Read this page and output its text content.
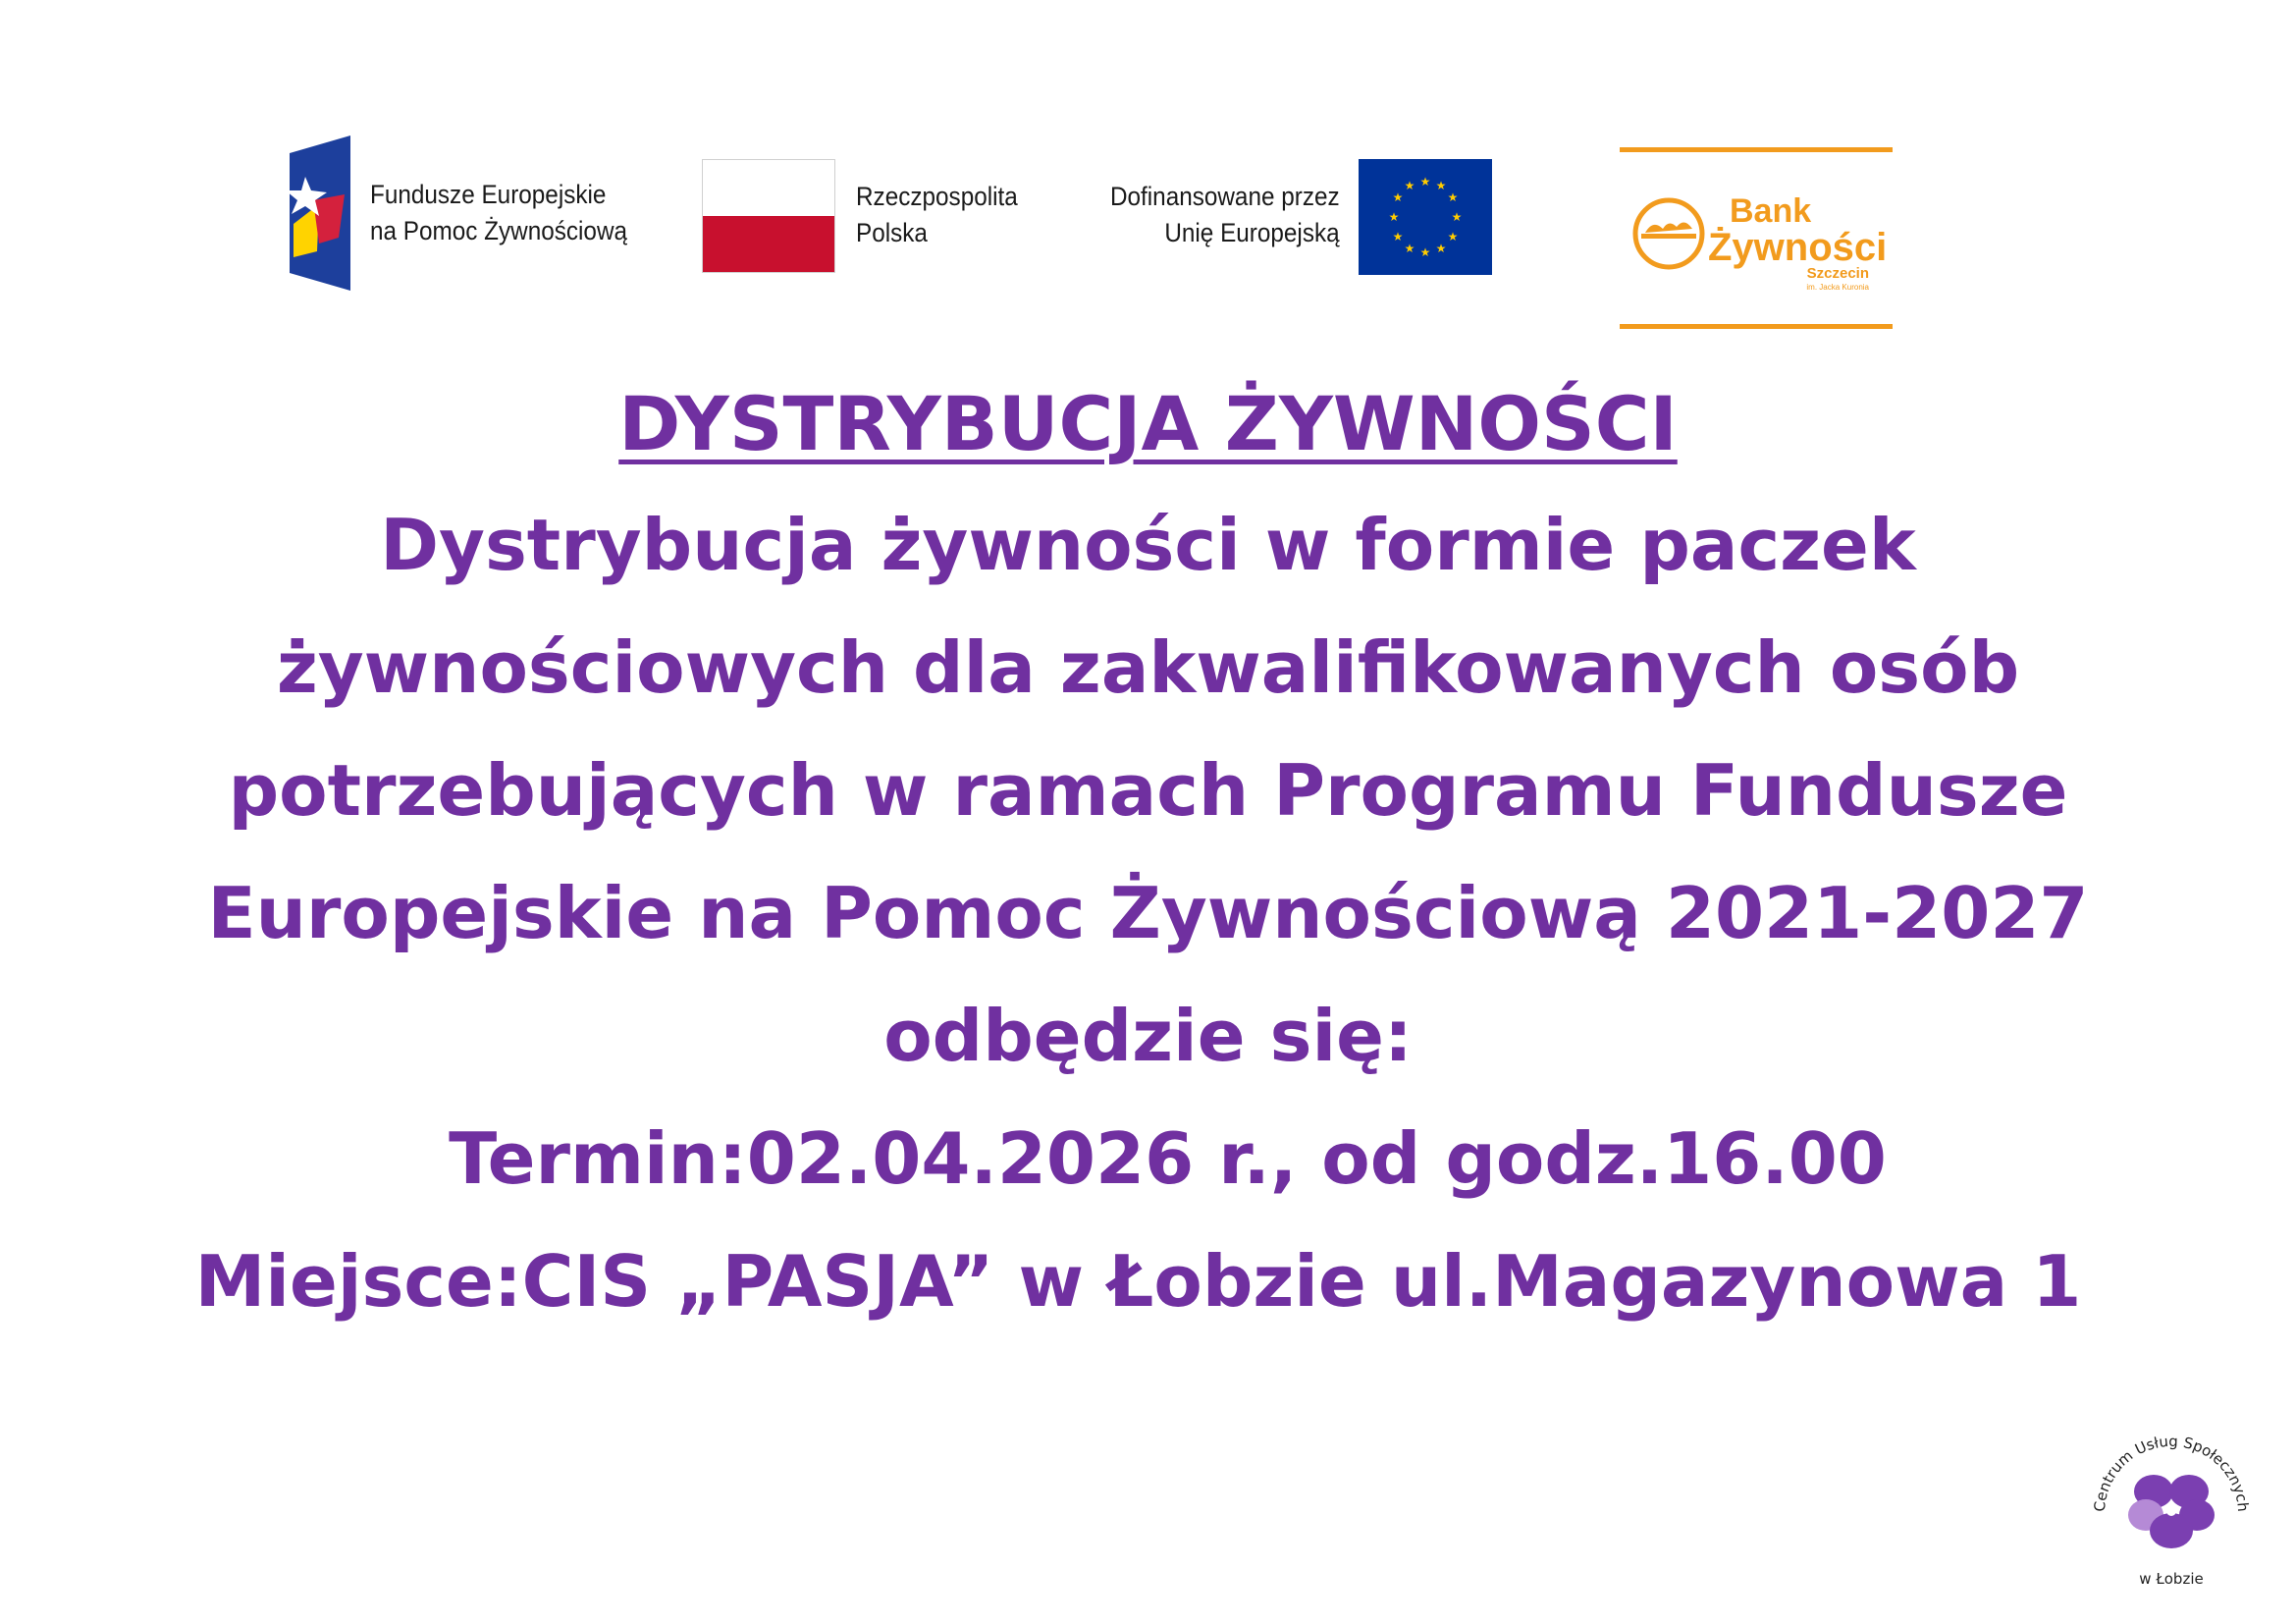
Fundusze Europejskie
na Pomoc Żywnościową
Rzeczpospolita
Polska
Dofinansowane przez
Unię Europejską
★ ★
★
★
★
★
★
★
★
★
★
★
Bank
Żywności
Szczecin
im. Jacka Kuronia
DYSTRYBUCJA ŻYWNOŚCI
Dystrybucja żywności w formie paczek
żywnościowych dla zakwalifikowanych osób
potrzebujących w ramach Programu Fundusze
Europejskie na Pomoc Żywnościową 2021-2027
odbędzie się:
Termin:02.04.2026 r., od godz.16.00
Miejsce:CIS „PASJA” w Łobzie ul.Magazynowa 1
Centrum Usług Społecznych
w Łobzie
